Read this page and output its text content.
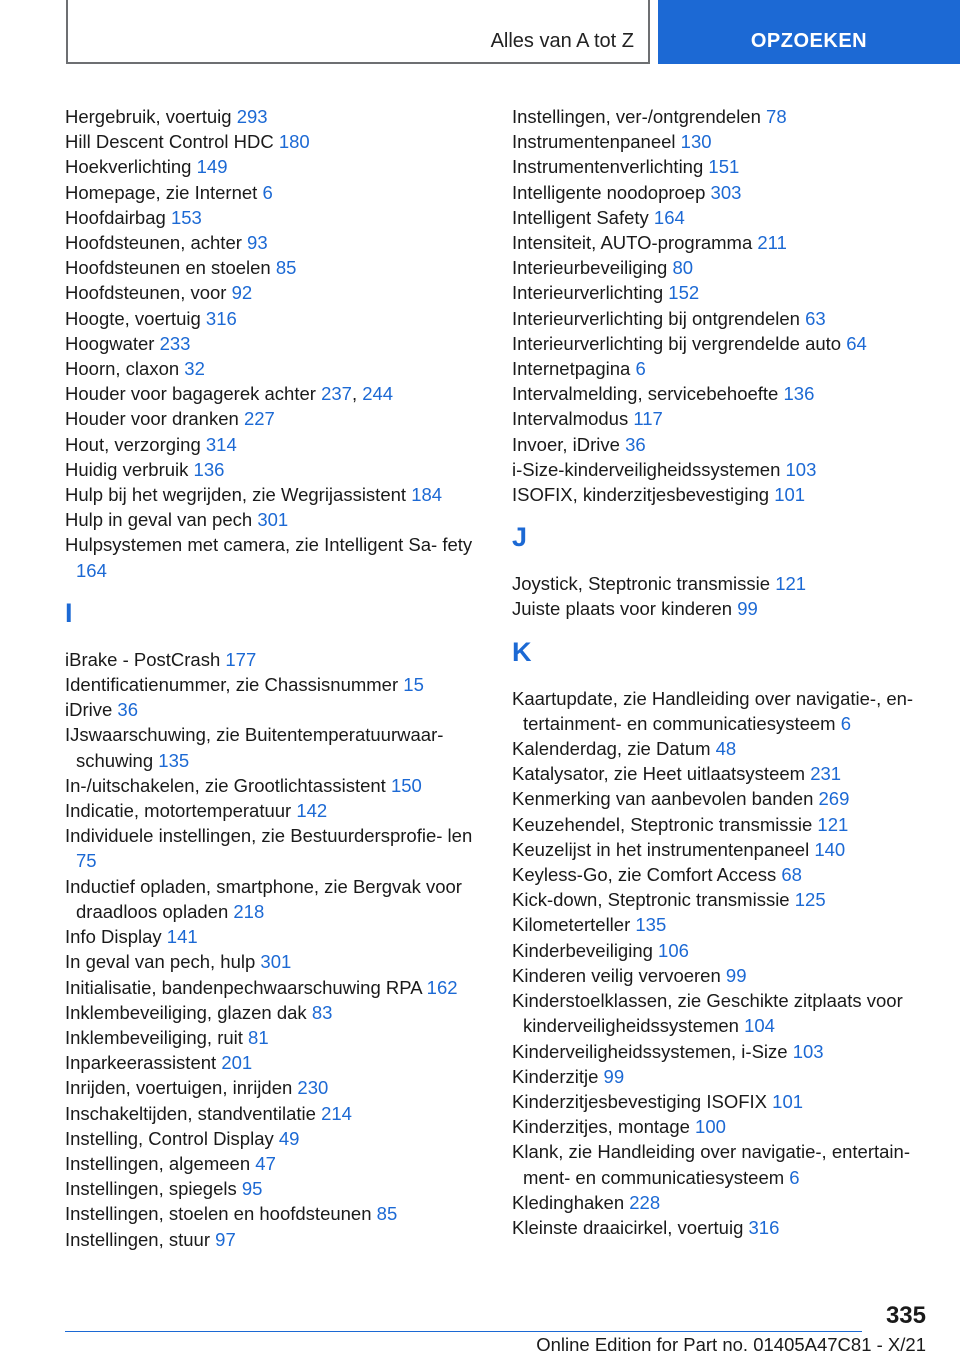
Alles van A tot Z	OPZOEKEN
Hergebruik, voertuig 293
Hill Descent Control HDC 180
Hoekverlichting 149
Homepage, zie Internet 6
Hoofdairbag 153
Hoofdsteunen, achter 93
Hoofdsteunen en stoelen 85
Hoofdsteunen, voor 92
Hoogte, voertuig 316
Hoogwater 233
Hoorn, claxon 32
Houder voor bagagerek achter 237, 244
Houder voor dranken 227
Hout, verzorging 314
Huidig verbruik 136
Hulp bij het wegrijden, zie Wegrijassistent 184
Hulp in geval van pech 301
Hulpsystemen met camera, zie Intelligent Sa‐ fety 164
I
iBrake - PostCrash 177
Identificatienummer, zie Chassisnummer 15
iDrive 36
IJswaarschuwing, zie Buitentemperatuurwaar‐ schuwing 135
In-/uitschakelen, zie Grootlichtassistent 150
Indicatie, motortemperatuur 142
Individuele instellingen, zie Bestuurdersprofie‐ len 75
Inductief opladen, smartphone, zie Bergvak voor draadloos opladen 218
Info Display 141
In geval van pech, hulp 301
Initialisatie, bandenpechwaarschuwing RPA 162
Inklembeveiliging, glazen dak 83
Inklembeveiliging, ruit 81
Inparkeerassistent 201
Inrijden, voertuigen, inrijden 230
Inschakeltijden, standventilatie 214
Instelling, Control Display 49
Instellingen, algemeen 47
Instellingen, spiegels 95
Instellingen, stoelen en hoofdsteunen 85
Instellingen, stuur 97
Instellingen, ver-/ontgrendelen 78
Instrumentenpaneel 130
Instrumentenverlichting 151
Intelligente noodoproep 303
Intelligent Safety 164
Intensiteit, AUTO-programma 211
Interieurbeveiliging 80
Interieurverlichting 152
Interieurverlichting bij ontgrendelen 63
Interieurverlichting bij vergrendelde auto 64
Internetpagina 6
Intervalmelding, servicebehoefte 136
Intervalmodus 117
Invoer, iDrive 36
i-Size-kinderveiligheidssystemen 103
ISOFIX, kinderzitjesbevestiging 101
J
Joystick, Steptronic transmissie 121
Juiste plaats voor kinderen 99
K
Kaartupdate, zie Handleiding over navigatie-, en‐ tertainment- en communicatiesysteem 6
Kalenderdag, zie Datum 48
Katalysator, zie Heet uitlaatsysteem 231
Kenmerking van aanbevolen banden 269
Keuzehendel, Steptronic transmissie 121
Keuzelijst in het instrumentenpaneel 140
Keyless-Go, zie Comfort Access 68
Kick-down, Steptronic transmissie 125
Kilometerteller 135
Kinderbeveiliging 106
Kinderen veilig vervoeren 99
Kinderstoelklassen, zie Geschikte zitplaats voor kinderveiligheidssystemen 104
Kinderveiligheidssystemen, i-Size 103
Kinderzitje 99
Kinderzitjesbevestiging ISOFIX 101
Kinderzitjes, montage 100
Klank, zie Handleiding over navigatie-, entertain‐ ment- en communicatiesysteem 6
Kledinghaken 228
Kleinste draaicirkel, voertuig 316
335
Online Edition for Part no. 01405A47C81 - X/21
